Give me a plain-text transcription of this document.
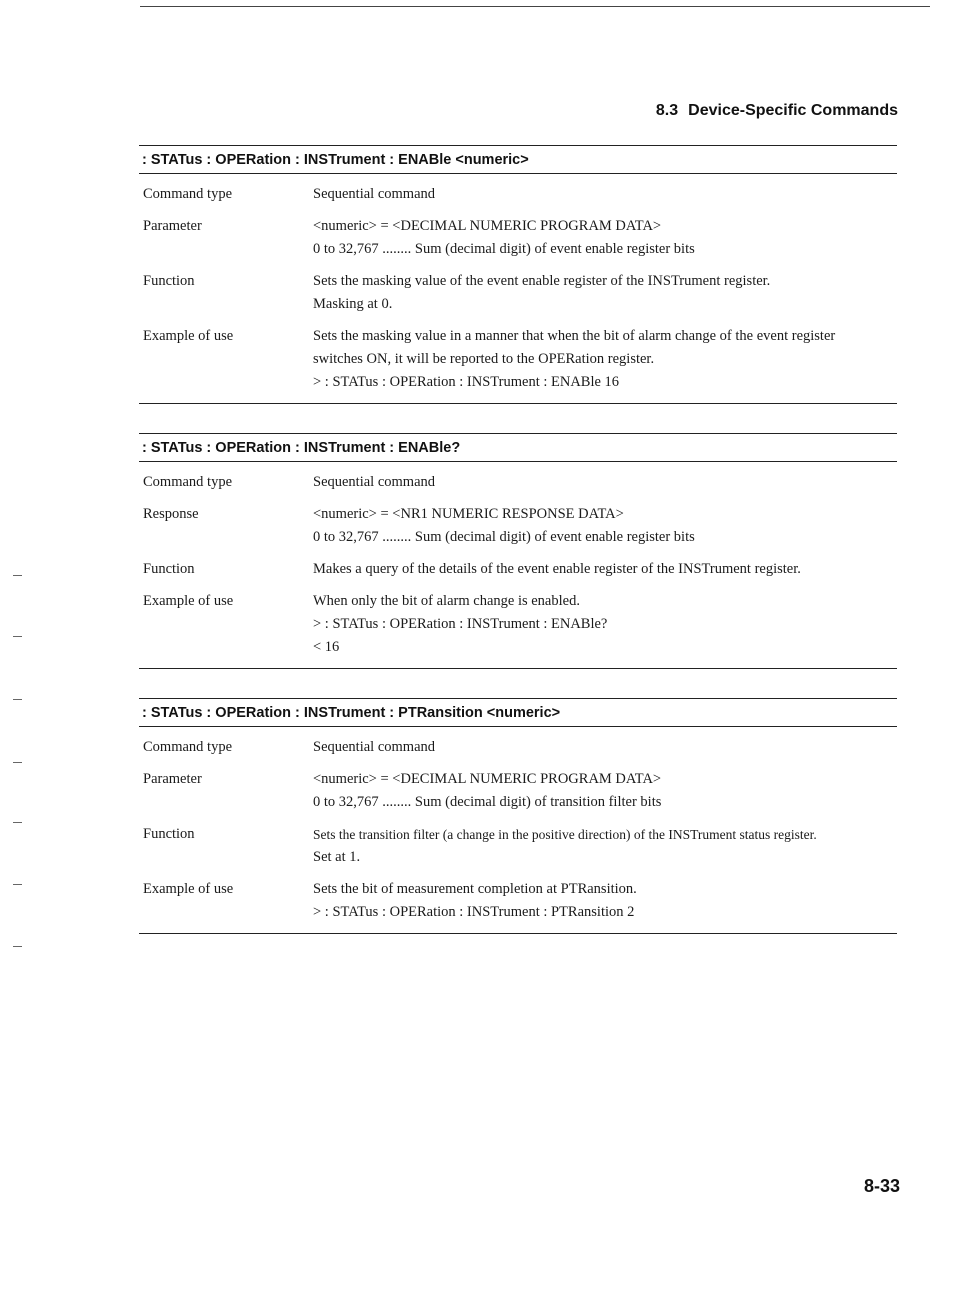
8.3 Device-Specific Commands
: STATus : OPERation : INSTrument : ENABle <numeric>
Command type	Sequential command
Parameter	<numeric> = <DECIMAL NUMERIC PROGRAM DATA>
0 to 32,767 ........ Sum (decimal digit) of event enable register bits
Function	Sets the masking value of the event enable register of the INSTrument register.
Masking at 0.
Example of use	Sets the masking value in a manner that when the bit of alarm change of the event register
switches ON, it will be reported to the OPERation register.
> : STATus : OPERation : INSTrument : ENABle 16
: STATus : OPERation : INSTrument : ENABle?
Command type	Sequential command
Response	<numeric> = <NR1 NUMERIC RESPONSE DATA>
0 to 32,767 ........ Sum (decimal digit) of event enable register bits
Function	Makes a query of the details of the event enable register of the INSTrument register.
Example of use	When only the bit of alarm change is enabled.
> : STATus : OPERation : INSTrument : ENABle?
< 16
: STATus : OPERation : INSTrument : PTRansition <numeric>
Command type	Sequential command
Parameter	<numeric> = <DECIMAL NUMERIC PROGRAM DATA>
0 to 32,767 ........ Sum (decimal digit) of transition filter bits
Function	Sets the transition filter (a change in the positive direction) of the INSTrument status register.
Set at 1.
Example of use	Sets the bit of measurement completion at PTRansition.
> : STATus : OPERation : INSTrument : PTRansition 2
8-33
